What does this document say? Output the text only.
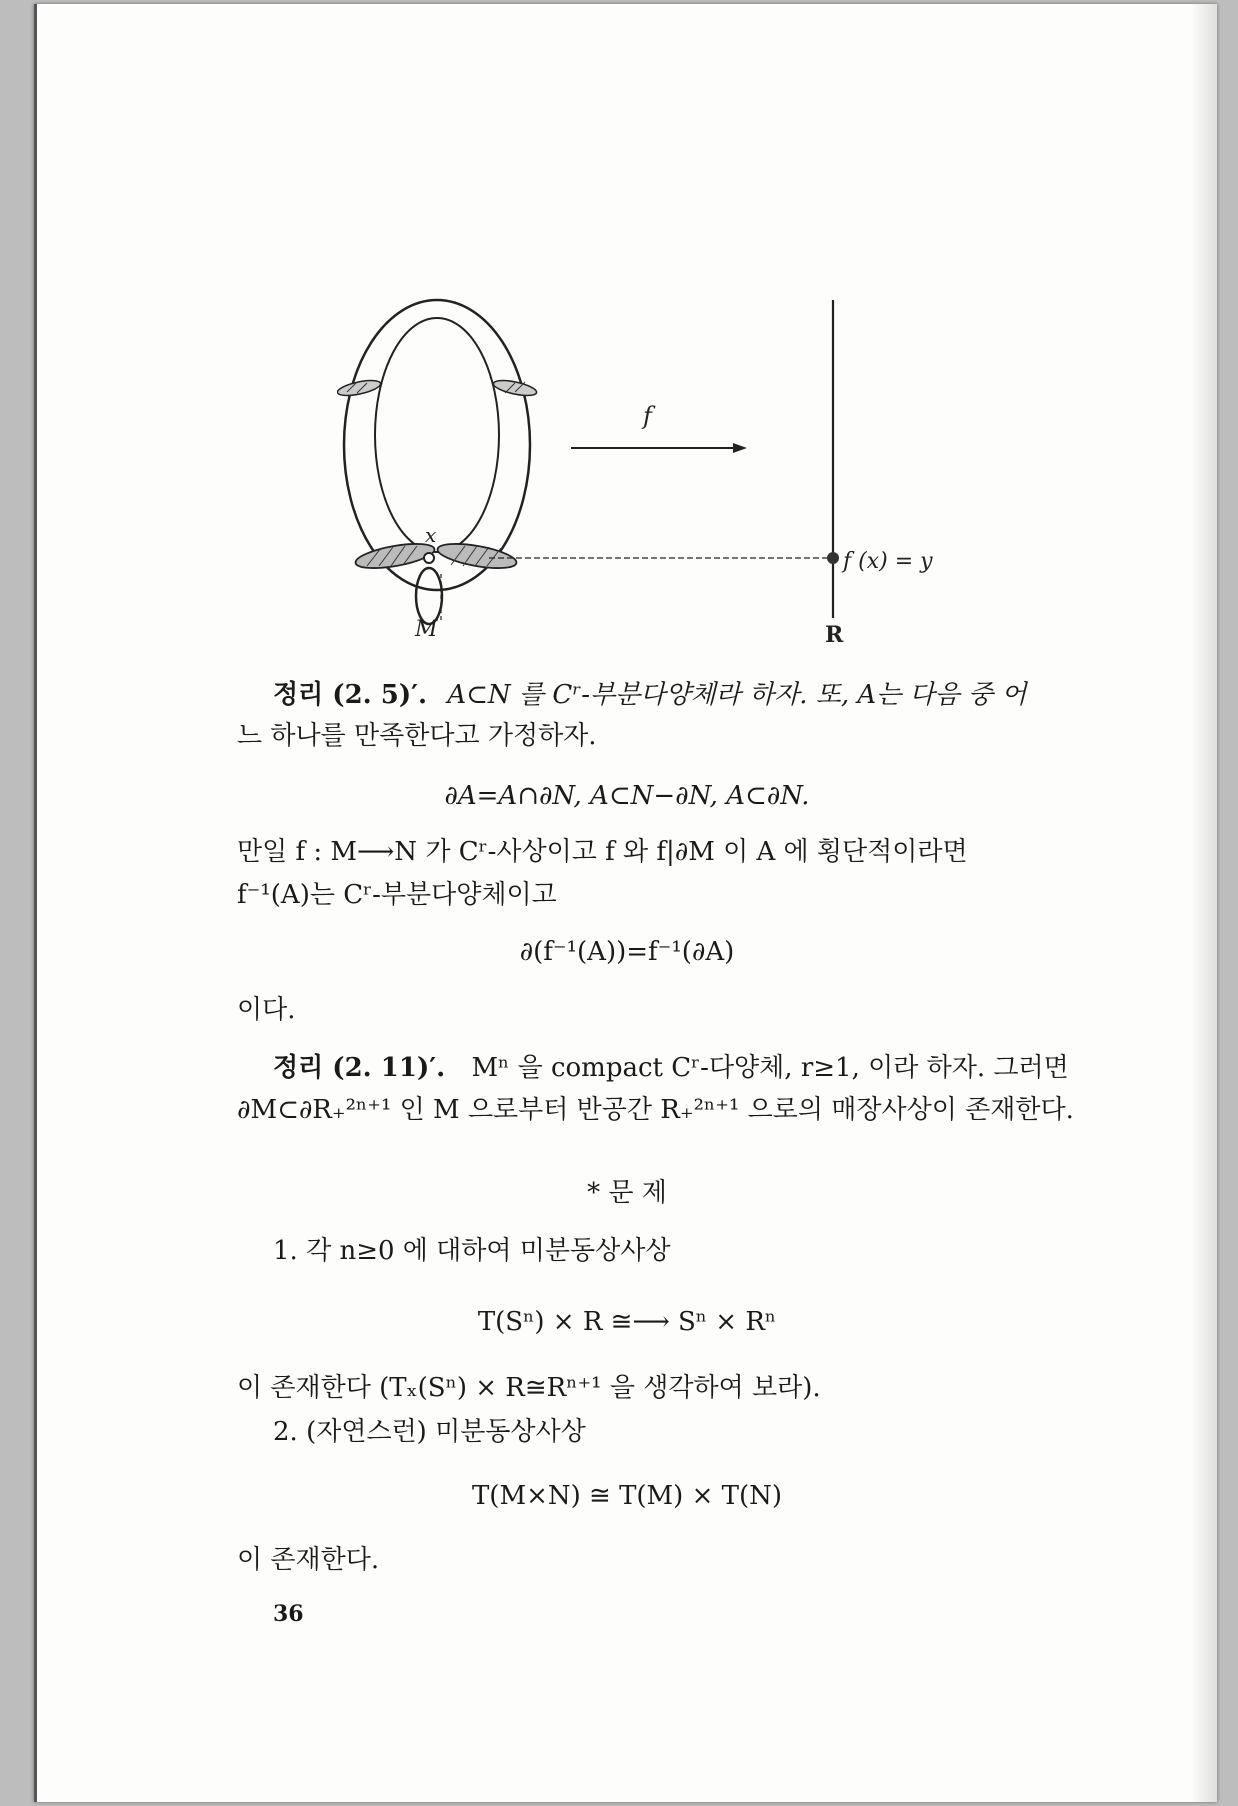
x
M
f
f (x) = y
R
정리 (2. 5)′. A⊂N 를 Cʳ-부분다양체라 하자. 또, A는 다음 중 어
느 하나를 만족한다고 가정하자.
∂A=A∩∂N, A⊂N−∂N, A⊂∂N.
만일 f : M⟶N 가 Cʳ-사상이고 f 와 f|∂M 이 A 에 횡단적이라면
f⁻¹(A)는 Cʳ-부분다양체이고
∂(f⁻¹(A))=f⁻¹(∂A)
이다.
정리 (2. 11)′. Mⁿ 을 compact Cʳ-다양체, r≥1, 이라 하자. 그러면
∂M⊂∂R₊²ⁿ⁺¹ 인 M 으로부터 반공간 R₊²ⁿ⁺¹ 으로의 매장사상이 존재한다.
* 문 제
1. 각 n≥0 에 대하여 미분동상사상
T(Sⁿ) × R ≅⟶ Sⁿ × Rⁿ
이 존재한다 (Tₓ(Sⁿ) × R≅Rⁿ⁺¹ 을 생각하여 보라).
2. (자연스런) 미분동상사상
T(M×N) ≅ T(M) × T(N)
이 존재한다.
36
